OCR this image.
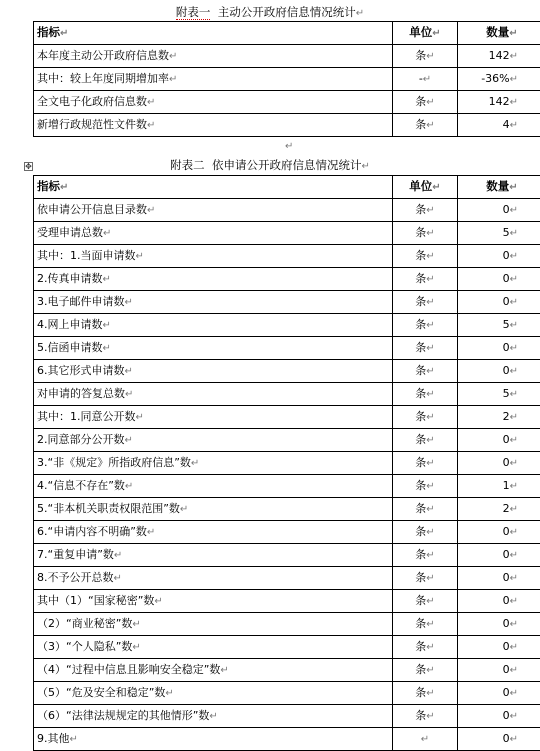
附表一  主动公开政府信息情况统计↵
指标↵	单位↵	数量↵
本年度主动公开政府信息数↵	条↵	142↵
其中：较上年度同期增加率↵	-↵	-36%↵
全文电子化政府信息数↵	条↵	142↵
新增行政规范性文件数↵	条↵	4↵
↵
✥	附表二  依申请公开政府信息情况统计↵
指标↵	单位↵	数量↵
依申请公开信息目录数↵	条↵	0↵
受理申请总数↵	条↵	5↵
其中：1.当面申请数↵	条↵	0↵
2.传真申请数↵	条↵	0↵
3.电子邮件申请数↵	条↵	0↵
4.网上申请数↵	条↵	5↵
5.信函申请数↵	条↵	0↵
6.其它形式申请数↵	条↵	0↵
对申请的答复总数↵	条↵	5↵
其中：1.同意公开数↵	条↵	2↵
2.同意部分公开数↵	条↵	0↵
3.“非《规定》所指政府信息”数↵	条↵	0↵
4.“信息不存在”数↵	条↵	1↵
5.“非本机关职责权限范围”数↵	条↵	2↵
6.“申请内容不明确”数↵	条↵	0↵
7.“重复申请”数↵	条↵	0↵
8.不予公开总数↵	条↵	0↵
其中（1）“国家秘密”数↵	条↵	0↵
（2）“商业秘密”数↵	条↵	0↵
（3）“个人隐私”数↵	条↵	0↵
（4）“过程中信息且影响安全稳定”数↵	条↵	0↵
（5）“危及安全和稳定”数↵	条↵	0↵
（6）“法律法规规定的其他情形”数↵	条↵	0↵
9.其他↵	↵	0↵
